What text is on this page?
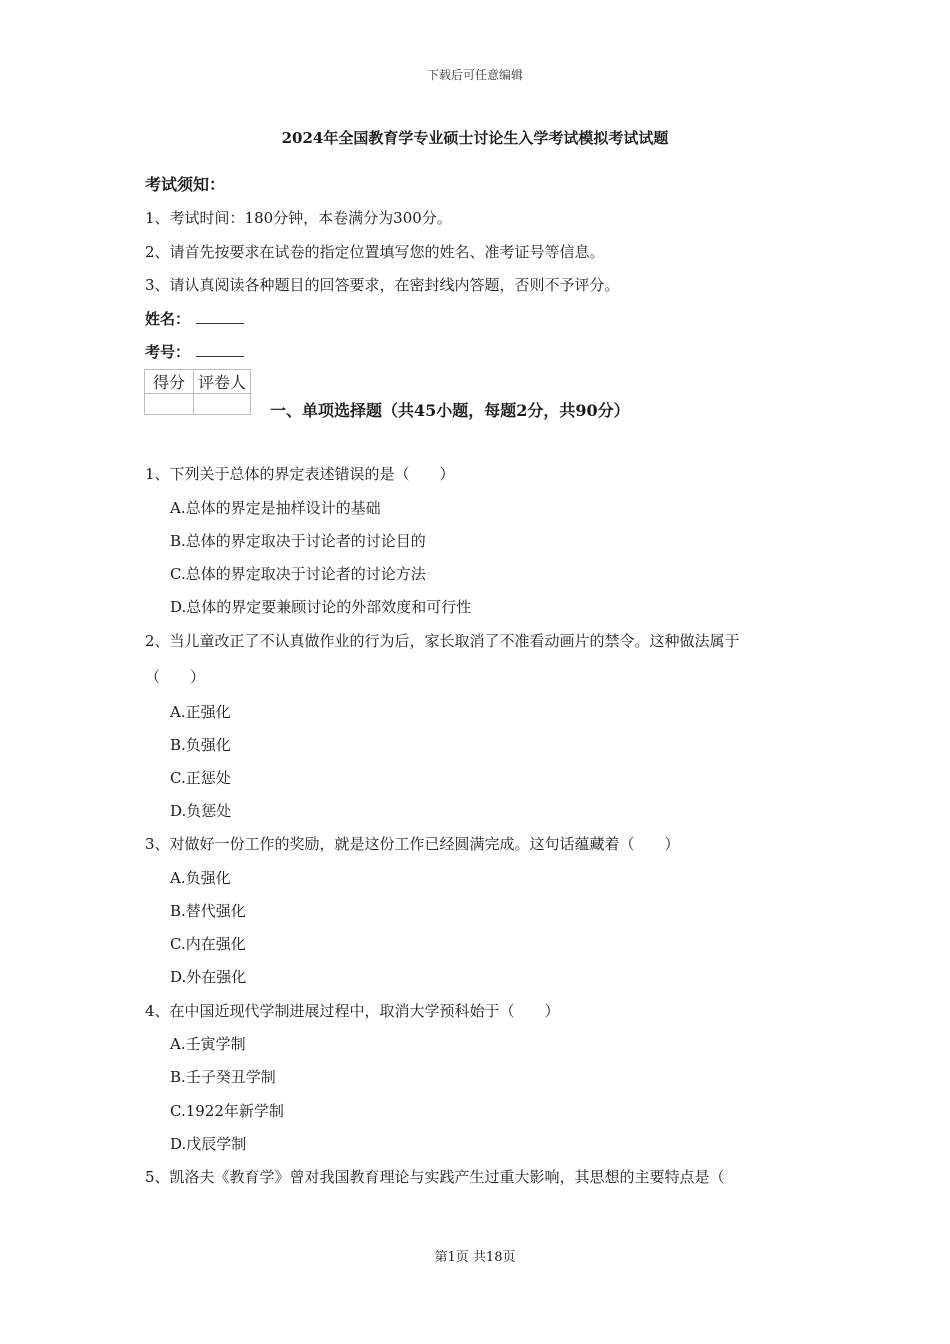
下载后可任意编辑
2024年全国教育学专业硕士讨论生入学考试模拟考试试题
考试须知：
1、考试时间：180分钟，本卷满分为300分。
2、请首先按要求在试卷的指定位置填写您的姓名、准考证号等信息。
3、请认真阅读各种题目的回答要求，在密封线内答题，否则不予评分。
姓名：
考号：
得分	评卷人

一、单项选择题（共45小题，每题2分，共90分）
1、下列关于总体的界定表述错误的是（　　）
A.总体的界定是抽样设计的基础
B.总体的界定取决于讨论者的讨论目的
C.总体的界定取决于讨论者的讨论方法
D.总体的界定要兼顾讨论的外部效度和可行性
2、当儿童改正了不认真做作业的行为后，家长取消了不准看动画片的禁令。这种做法属于
（　　）
A.正强化
B.负强化
C.正惩处
D.负惩处
3、对做好一份工作的奖励，就是这份工作已经圆满完成。这句话蕴藏着（　　）
A.负强化
B.替代强化
C.内在强化
D.外在强化
4、在中国近现代学制进展过程中，取消大学预科始于（　　）
A.壬寅学制
B.壬子癸丑学制
C.1922年新学制
D.戊辰学制
5、凯洛夫《教育学》曾对我国教育理论与实践产生过重大影响，其思想的主要特点是（
第1页 共18页
